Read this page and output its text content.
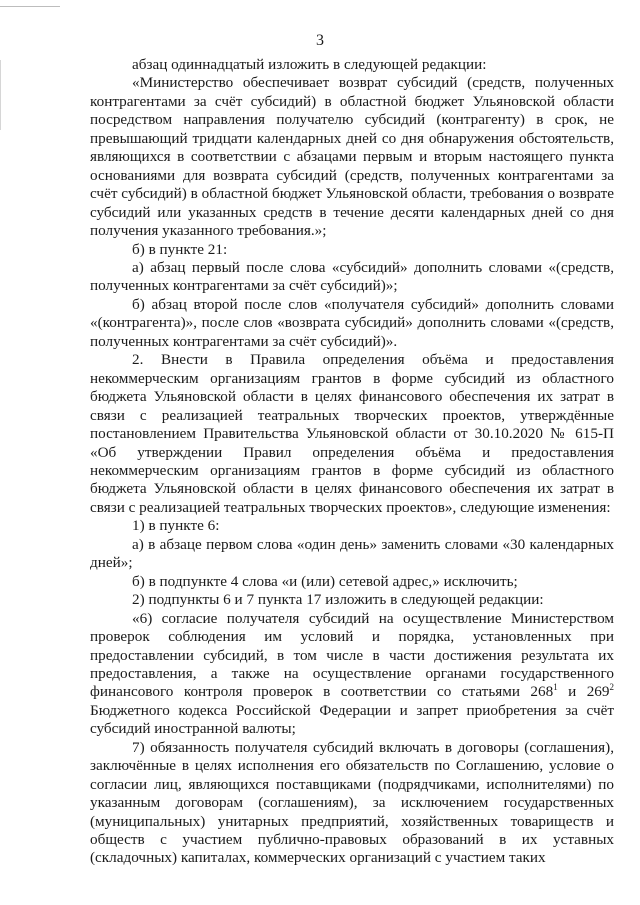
3

абзац одиннадцатый изложить в следующей редакции:

«Министерство обеспечивает возврат субсидий (средств, полученных контрагентами за счёт субсидий) в областной бюджет Ульяновской области посредством направления получателю субсидий (контрагенту) в срок, не превышающий тридцати календарных дней со дня обнаружения обстоятельств, являющихся в соответствии с абзацами первым и вторым настоящего пункта основаниями для возврата субсидий (средств, полученных контрагентами за счёт субсидий) в областной бюджет Ульяновской области, требования о возврате субсидий или указанных средств в течение десяти календарных дней со дня получения указанного требования.»;

б) в пункте 21:

а) абзац первый после слова «субсидий» дополнить словами «(средств, полученных контрагентами за счёт субсидий)»;

б) абзац второй после слов «получателя субсидий» дополнить словами «(контрагента)», после слов «возврата субсидий» дополнить словами «(средств, полученных контрагентами за счёт субсидий)».

2. Внести в Правила определения объёма и предоставления некоммерческим организациям грантов в форме субсидий из областного бюджета Ульяновской области в целях финансового обеспечения их затрат в связи с реализацией театральных творческих проектов, утверждённые постановлением Правительства Ульяновской области от 30.10.2020 № 615-П «Об утверждении Правил определения объёма и предоставления некоммерческим организациям грантов в форме субсидий из областного бюджета Ульяновской области в целях финансового обеспечения их затрат в связи с реализацией театральных творческих проектов», следующие изменения:

1) в пункте 6:

а) в абзаце первом слова «один день» заменить словами «30 календарных дней»;

б) в подпункте 4 слова «и (или) сетевой адрес,» исключить;

2) подпункты 6 и 7 пункта 17 изложить в следующей редакции:

«6) согласие получателя субсидий на осуществление Министерством проверок соблюдения им условий и порядка, установленных при предоставлении субсидий, в том числе в части достижения результата их предоставления, а также на осуществление органами государственного финансового контроля проверок в соответствии со статьями $268^1$ и $269^2$ Бюджетного кодекса Российской Федерации и запрет приобретения за счёт субсидий иностранной валюты;

7) обязанность получателя субсидий включать в договоры (соглашения), заключённые в целях исполнения его обязательств по Соглашению, условие о согласии лиц, являющихся поставщиками (подрядчиками, исполнителями) по указанным договорам (соглашениям), за исключением государственных (муниципальных) унитарных предприятий, хозяйственных товариществ и обществ с участием публично-правовых образований в их уставных (складочных) капиталах, коммерческих организаций с участием таких
